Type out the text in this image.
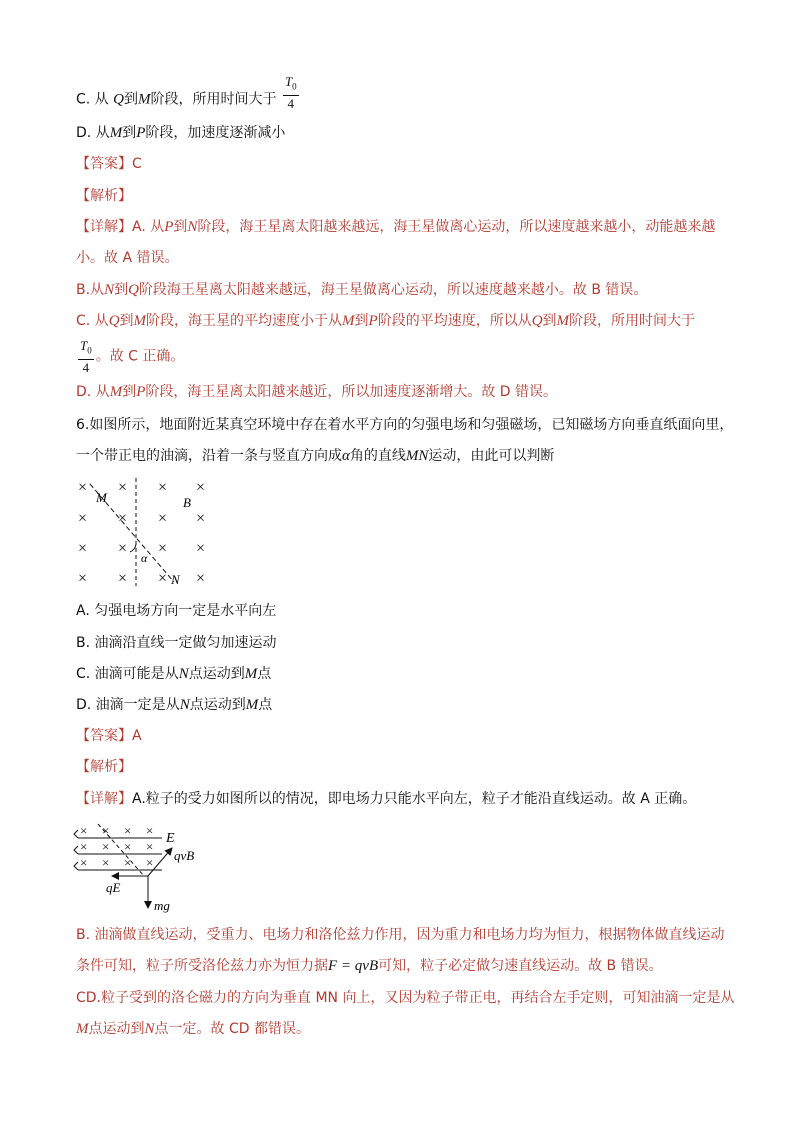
C. 从 Q到M阶段，所用时间大于 $\frac{T_0}{4}$
D. 从M到P阶段，加速度逐渐减小
【答案】C
【解析】
【详解】A. 从P到N阶段，海王星离太阳越来越远，海王星做离心运动，所以速度越来越小，动能越来越
小。故 A 错误。
B.从N到Q阶段海王星离太阳越来越远，海王星做离心运动，所以速度越来越小。故 B 错误。
C. 从Q到M阶段，海王星的平均速度小于从M到P阶段的平均速度，所以从Q到M阶段，所用时间大于
$\frac{T_0}{4}$ 。故 C 正确。
D. 从M到P阶段，海王星离太阳越来越近，所以加速度逐渐增大。故 D 错误。
6.如图所示，地面附近某真空环境中存在着水平方向的匀强电场和匀强磁场，已知磁场方向垂直纸面向里，
一个带正电的油滴，沿着一条与竖直方向成α角的直线MN运动，由此可以判断
× × × ×
× × × ×
× × × ×
× × × ×
M	B
α
N
A. 匀强电场方向一定是水平向左
B. 油滴沿直线一定做匀加速运动
C. 油滴可能是从N点运动到M点
D. 油滴一定是从N点运动到M点
【答案】A
【解析】
【详解】A.粒子的受力如图所以的情况，即电场力只能水平向左，粒子才能沿直线运动。故 A 正确。
× × × ×
× × × ×
× × × ×
E
qvB
qE
mg
B. 油滴做直线运动，受重力、电场力和洛伦兹力作用，因为重力和电场力均为恒力，根据物体做直线运动
条件可知，粒子所受洛伦兹力亦为恒力据F = qvB可知，粒子必定做匀速直线运动。故 B 错误。
CD.粒子受到的洛仑磁力的方向为垂直 MN 向上，又因为粒子带正电，再结合左手定则，可知油滴一定是从
M点运动到N点一定。故 CD 都错误。
